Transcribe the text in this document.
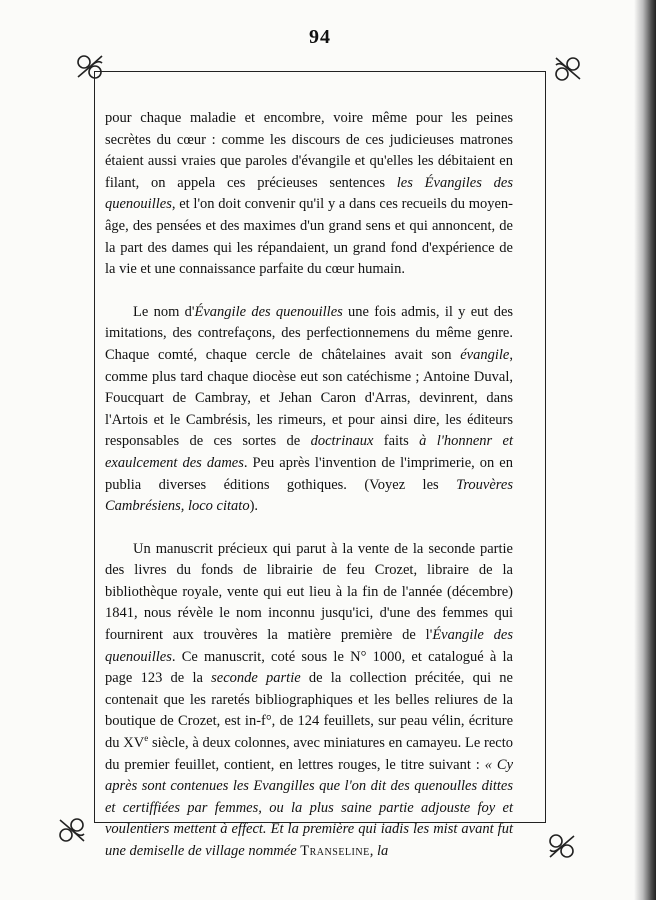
94

pour chaque maladie et encombre, voire même pour les peines secrètes du cœur : comme les discours de ces judicieuses matrones étaient aussi vraies que paroles d'évangile et qu'elles les débitaient en filant, on appela ces précieuses sentences les Évangiles des quenouilles, et l'on doit convenir qu'il y a dans ces recueils du moyen-âge, des pensées et des maximes d'un grand sens et qui annoncent, de la part des dames qui les répandaient, un grand fond d'expérience de la vie et une connaissance parfaite du cœur humain.

Le nom d'Évangile des quenouilles une fois admis, il y eut des imitations, des contrefaçons, des perfectionnemens du même genre. Chaque comté, chaque cercle de châtelaines avait son évangile, comme plus tard chaque diocèse eut son catéchisme ; Antoine Duval, Foucquart de Cambray, et Jehan Caron d'Arras, devinrent, dans l'Artois et le Cambrésis, les rimeurs, et pour ainsi dire, les éditeurs responsables de ces sortes de doctrinaux faits à l'honnenr et exaulcement des dames. Peu après l'invention de l'imprimerie, on en publia diverses éditions gothiques. (Voyez les Trouvères Cambrésiens, loco citato).

Un manuscrit précieux qui parut à la vente de la seconde partie des livres du fonds de librairie de feu Crozet, libraire de la bibliothèque royale, vente qui eut lieu à la fin de l'année (décembre) 1841, nous révèle le nom inconnu jusqu'ici, d'une des femmes qui fournirent aux trouvères la matière première de l'Évangile des quenouilles. Ce manuscrit, coté sous le N° 1000, et catalogué à la page 123 de la seconde partie de la collection précitée, qui ne contenait que les raretés bibliographiques et les belles reliures de la boutique de Crozet, est in-f°, de 124 feuillets, sur peau vélin, écriture du XVe siècle, à deux colonnes, avec miniatures en camayeu. Le recto du premier feuillet, contient, en lettres rouges, le titre suivant : « Cy après sont contenues les Evangilles que l'on dit des quenoulles dittes et certiffiées par femmes, ou la plus saine partie adjouste foy et voulentiers mettent à effect. Et la première qui iadis les mist avant fut une demiselle de village nommée Transeline, la
